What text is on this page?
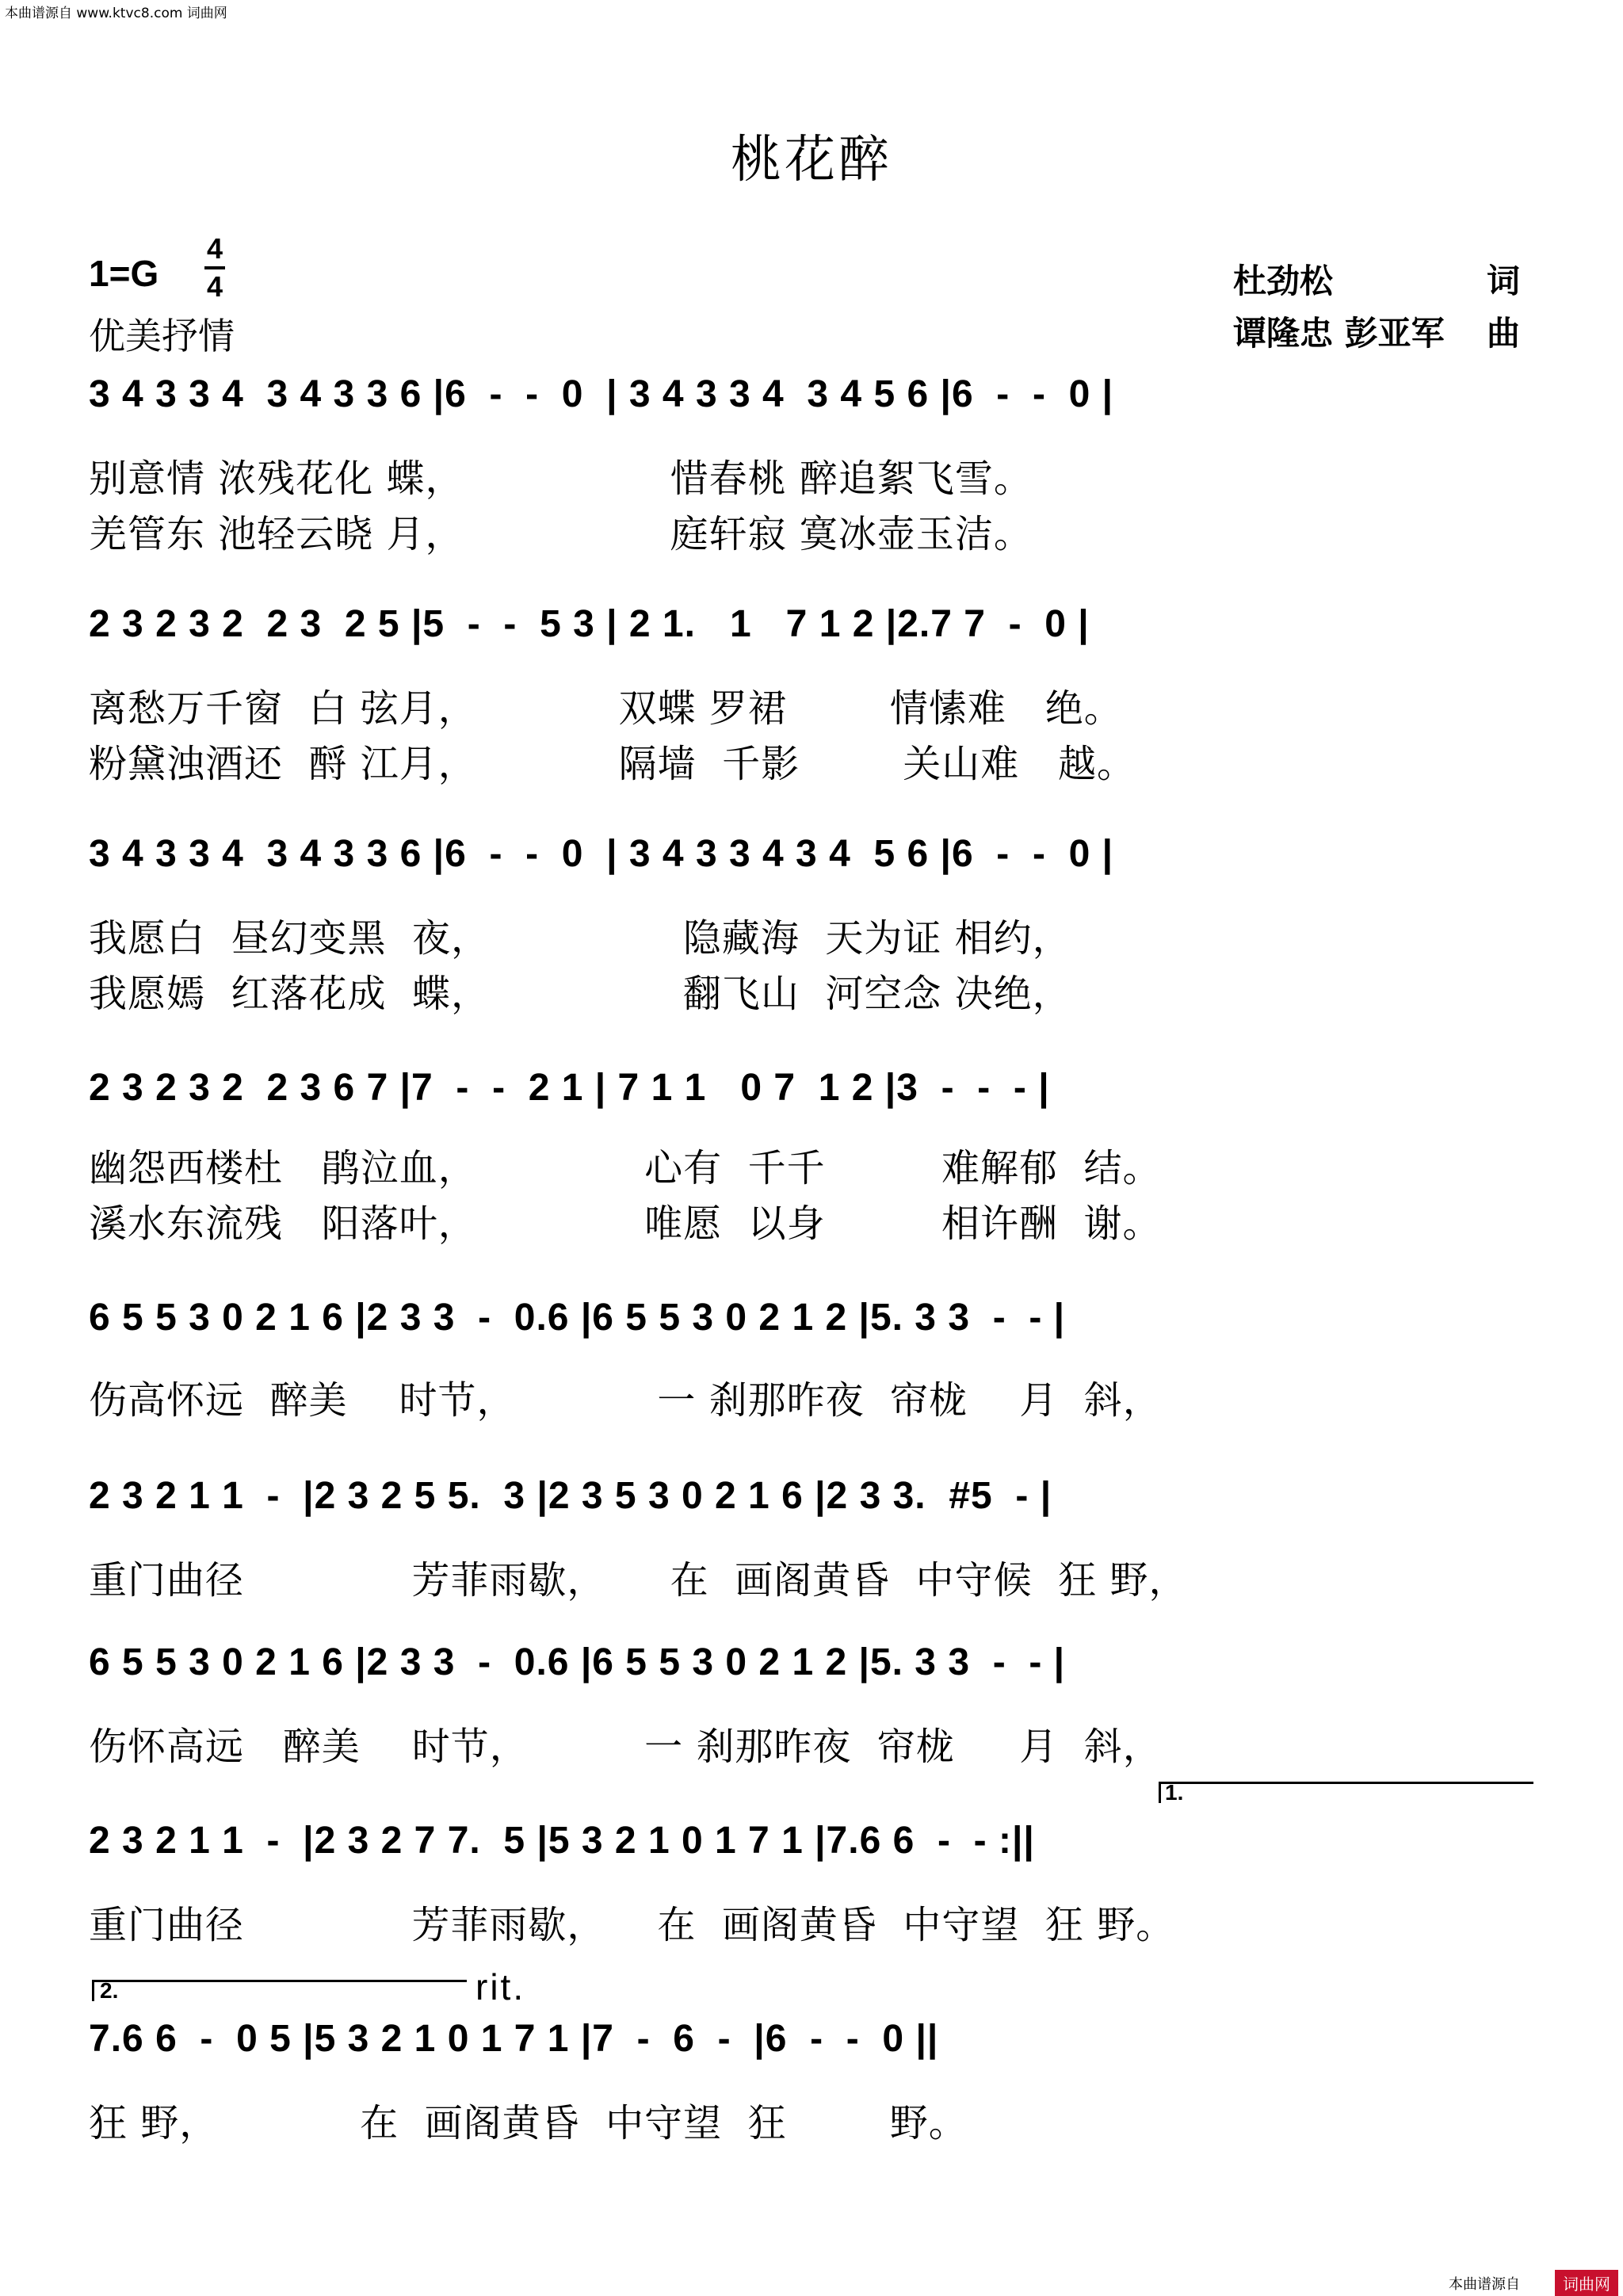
本曲谱源自 www.ktvc8.com 词曲网
桃花醉
1=G
4
4
优美抒情
杜劲松	词
谭隆忠 彭亚军 曲
3 4 3 3 4  3 4 3 3 6 |6  -  -  0  | 3 4 3 3 4  3 4 5 6 |6  -  -  0 |
别意情 浓残花化 蝶，                惜春桃 醉追絮飞雪。
羌管东 池轻云晓 月，                庭轩寂 寞冰壶玉洁。
2 3 2 3 2  2 3  2 5 |5  -  -  5 3 | 2 1.   1   7 1 2 |2.7 7  -  0 |
离愁万千窗  白 弦月，           双蝶 罗裙        情愫难   绝。
粉黛浊酒还  酹 江月，           隔墙  千影        关山难   越。
3 4 3 3 4  3 4 3 3 6 |6  -  -  0  | 3 4 3 3 4 3 4  5 6 |6  -  -  0 |
我愿白  昼幻变黑  夜，               隐藏海  天为证 相约，
我愿嫣  红落花成  蝶，               翻飞山  河空念 决绝，
2 3 2 3 2  2 3 6 7 |7  -  -  2 1 | 7 1 1   0 7  1 2 |3  -  -  - |
幽怨西楼杜   鹃泣血，             心有  千千         难解郁  结。
溪水东流残   阳落叶，             唯愿  以身         相许酬  谢。
6 5 5 3 0 2 1 6 |2 3 3  -  0.6 |6 5 5 3 0 2 1 2 |5. 3 3  -  - |
伤高怀远  醉美    时节，           一 刹那昨夜  帘栊    月  斜，
2 3 2 1 1  -  |2 3 2 5 5.  3 |2 3 5 3 0 2 1 6 |2 3 3.  #5  - |
重门曲径             芳菲雨歇，     在  画阁黄昏  中守候  狂 野，
6 5 5 3 0 2 1 6 |2 3 3  -  0.6 |6 5 5 3 0 2 1 2 |5. 3 3  -  - |
伤怀高远   醉美    时节，         一 刹那昨夜  帘栊     月  斜，
1.
2 3 2 1 1  -  |2 3 2 7 7.  5 |5 3 2 1 0 1 7 1 |7.6 6  -  - :||
重门曲径             芳菲雨歇，    在  画阁黄昏  中守望  狂 野。
2.	rit.
7.6 6  -  0 5 |5 3 2 1 0 1 7 1 |7  -  6  -  |6  -  -  0 ||
狂 野，           在  画阁黄昏  中守望  狂        野。
本曲谱源自	词曲网
